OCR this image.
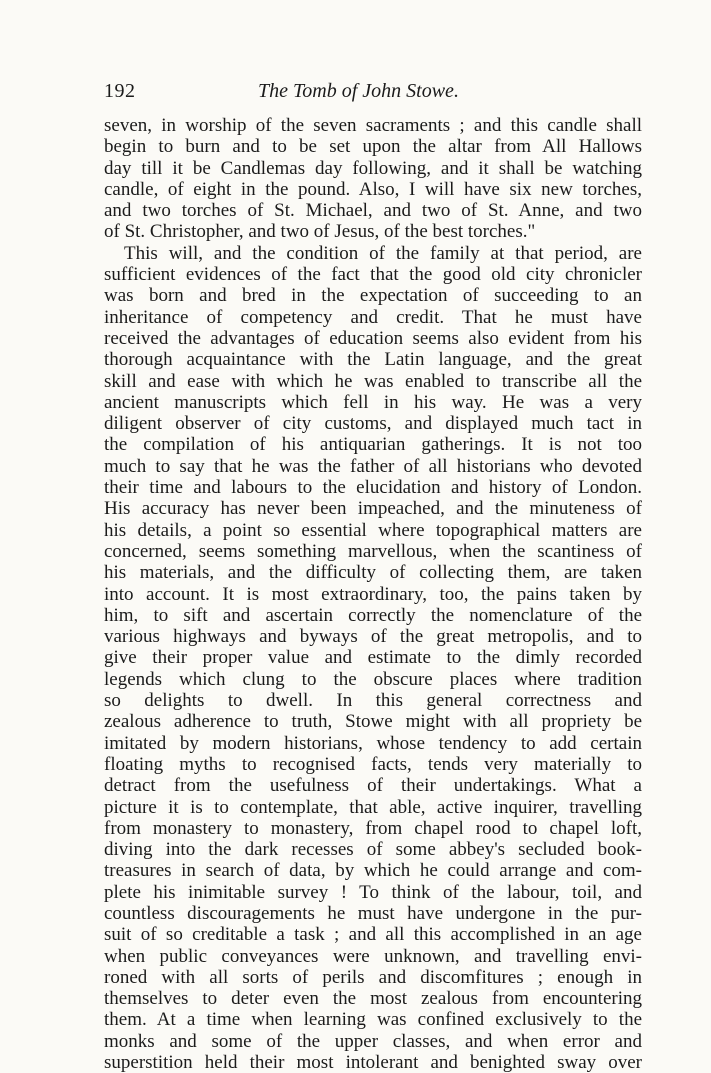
192	The Tomb of John Stowe.
seven, in worship of the seven sacraments ; and this candle shall
begin to burn and to be set upon the altar from All Hallows
day till it be Candlemas day following, and it shall be watching
candle, of eight in the pound. Also, I will have six new torches,
and two torches of St. Michael, and two of St. Anne, and two
of St. Christopher, and two of Jesus, of the best torches."
This will, and the condition of the family at that period, are
sufficient evidences of the fact that the good old city chronicler
was born and bred in the expectation of succeeding to an
inheritance of competency and credit. That he must have
received the advantages of education seems also evident from his
thorough acquaintance with the Latin language, and the great
skill and ease with which he was enabled to transcribe all the
ancient manuscripts which fell in his way. He was a very
diligent observer of city customs, and displayed much tact in
the compilation of his antiquarian gatherings. It is not too
much to say that he was the father of all historians who devoted
their time and labours to the elucidation and history of London.
His accuracy has never been impeached, and the minuteness of
his details, a point so essential where topographical matters are
concerned, seems something marvellous, when the scantiness of
his materials, and the difficulty of collecting them, are taken
into account. It is most extraordinary, too, the pains taken by
him, to sift and ascertain correctly the nomenclature of the
various highways and byways of the great metropolis, and to
give their proper value and estimate to the dimly recorded
legends which clung to the obscure places where tradition
so delights to dwell. In this general correctness and
zealous adherence to truth, Stowe might with all propriety be
imitated by modern historians, whose tendency to add certain
floating myths to recognised facts, tends very materially to
detract from the usefulness of their undertakings. What a
picture it is to contemplate, that able, active inquirer, travelling
from monastery to monastery, from chapel rood to chapel loft,
diving into the dark recesses of some abbey's secluded book-
treasures in search of data, by which he could arrange and com-
plete his inimitable survey ! To think of the labour, toil, and
countless discouragements he must have undergone in the pur-
suit of so creditable a task ; and all this accomplished in an age
when public conveyances were unknown, and travelling envi-
roned with all sorts of perils and discomfitures ; enough in
themselves to deter even the most zealous from encountering
them. At a time when learning was confined exclusively to the
monks and some of the upper classes, and when error and
superstition held their most intolerant and benighted sway over
